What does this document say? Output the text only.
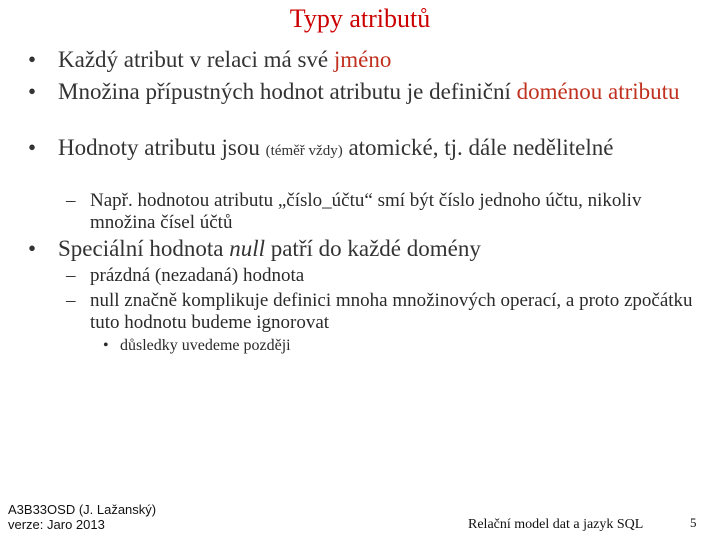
Typy atributů
• Každý atribut v relaci má své jméno
• Množina přípustných hodnot atributu je definiční doménou atributu
• Hodnoty atributu jsou (téměř vždy) atomické, tj. dále nedělitelné
– Např. hodnotou atributu „číslo_účtu“ smí být číslo jednoho účtu, nikoliv množina čísel účtů
• Speciální hodnota null patří do každé domény
– prázdná (nezadaná) hodnota
– null značně komplikuje definici mnoha množinových operací, a proto zpočátku tuto hodnotu budeme ignorovat
• důsledky uvedeme později
A3B33OSD (J. Lažanský)
verze: Jaro 2013	Relační model dat a jazyk SQL	5
